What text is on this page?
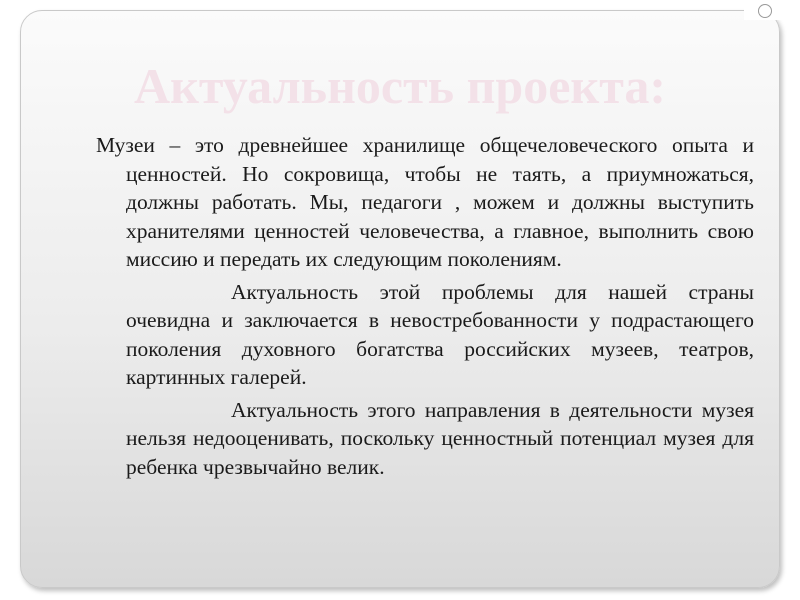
Актуальность проекта:

Музеи – это древнейшее хранилище общечеловеческого опыта и ценностей. Но сокровища, чтобы не таять, а приумножаться, должны работать. Мы, педагоги , можем и должны выступить хранителями ценностей человечества, а главное, выполнить свою миссию и передать их следующим поколениям.

Актуальность этой проблемы для нашей страны очевидна и заключается в невостребованности у подрастающего поколения духовного богатства российских музеев, театров, картинных галерей.

Актуальность этого направления в деятельности музея нельзя недооценивать, поскольку ценностный потенциал музея для ребенка чрезвычайно велик.
